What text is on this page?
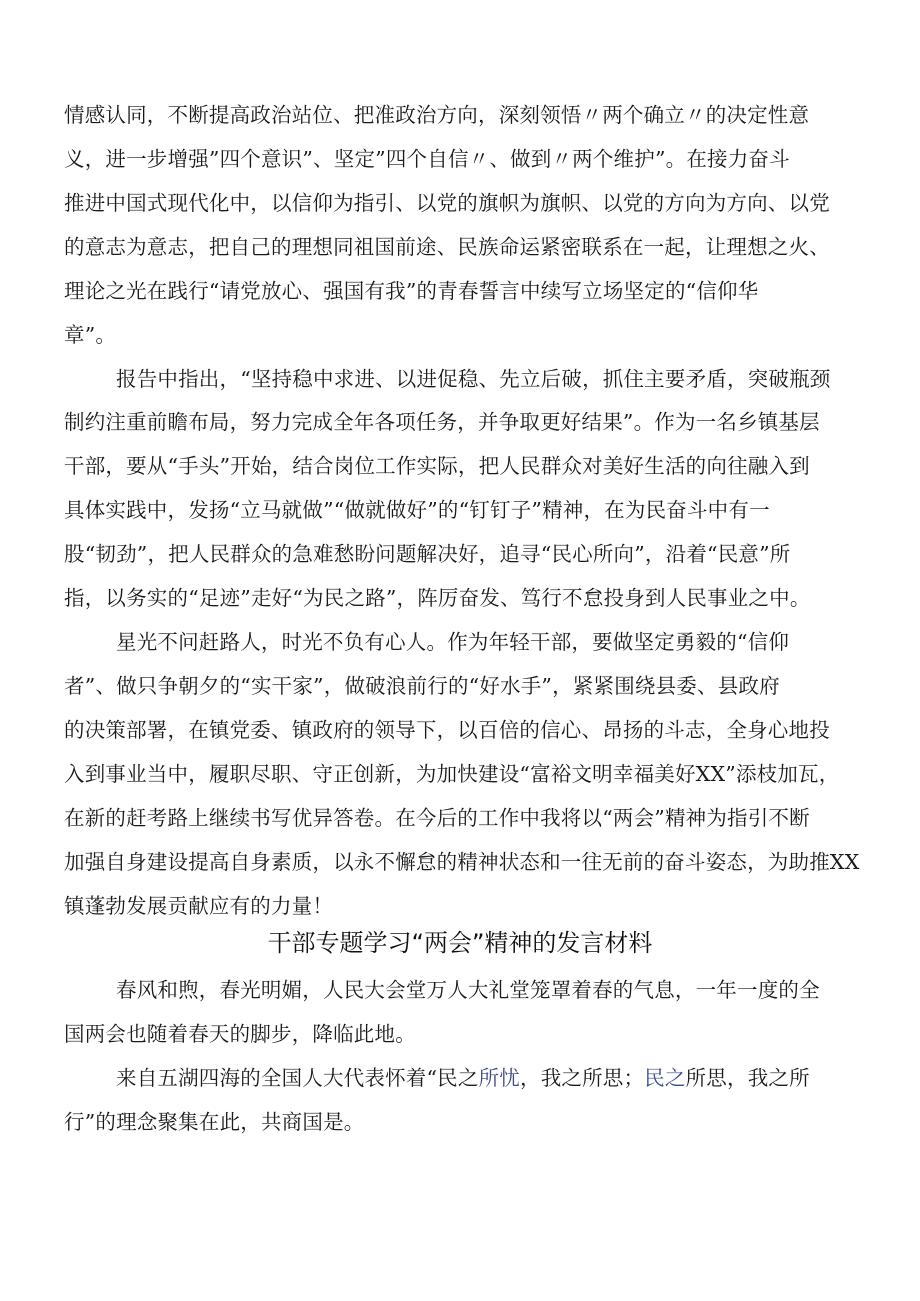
情感认同，不断提高政治站位、把准政治方向，深刻领悟〃两个确立〃的决定性意
义，进一步增强”四个意识”、坚定”四个自信〃、做到〃两个维护”。在接力奋斗
推进中国式现代化中，以信仰为指引、以党的旗帜为旗帜、以党的方向为方向、以党
的意志为意志，把自己的理想同祖国前途、民族命运紧密联系在一起，让理想之火、
理论之光在践行“请党放心、强国有我”的青春誓言中续写立场坚定的“信仰华
章”。
报告中指出，“坚持稳中求进、以进促稳、先立后破，抓住主要矛盾，突破瓶颈
制约注重前瞻布局，努力完成全年各项任务，并争取更好结果”。作为一名乡镇基层
干部，要从“手头”开始，结合岗位工作实际，把人民群众对美好生活的向往融入到
具体实践中，发扬“立马就做”“做就做好”的“钉钉子”精神，在为民奋斗中有一
股“韧劲”，把人民群众的急难愁盼问题解决好，追寻“民心所向”，沿着“民意”所
指，以务实的“足迹”走好“为民之路”，阵厉奋发、笃行不怠投身到人民事业之中。
星光不问赶路人，时光不负有心人。作为年轻干部，要做坚定勇毅的“信仰
者”、做只争朝夕的“实干家”，做破浪前行的“好水手”，紧紧围绕县委、县政府
的决策部署，在镇党委、镇政府的领导下，以百倍的信心、昂扬的斗志，全身心地投
入到事业当中，履职尽职、守正创新，为加快建设“富裕文明幸福美好XX”添枝加瓦，
在新的赶考路上继续书写优异答卷。在今后的工作中我将以“两会”精神为指引不断
加强自身建设提高自身素质，以永不懈怠的精神状态和一往无前的奋斗姿态，为助推XX
镇蓬勃发展贡献应有的力量！
干部专题学习“两会”精神的发言材料
春风和煦，春光明媚，人民大会堂万人大礼堂笼罩着春的气息，一年一度的全
国两会也随着春天的脚步，降临此地。
来自五湖四海的全国人大代表怀着“民之所忧，我之所思；民之所思，我之所
行”的理念聚集在此，共商国是。
